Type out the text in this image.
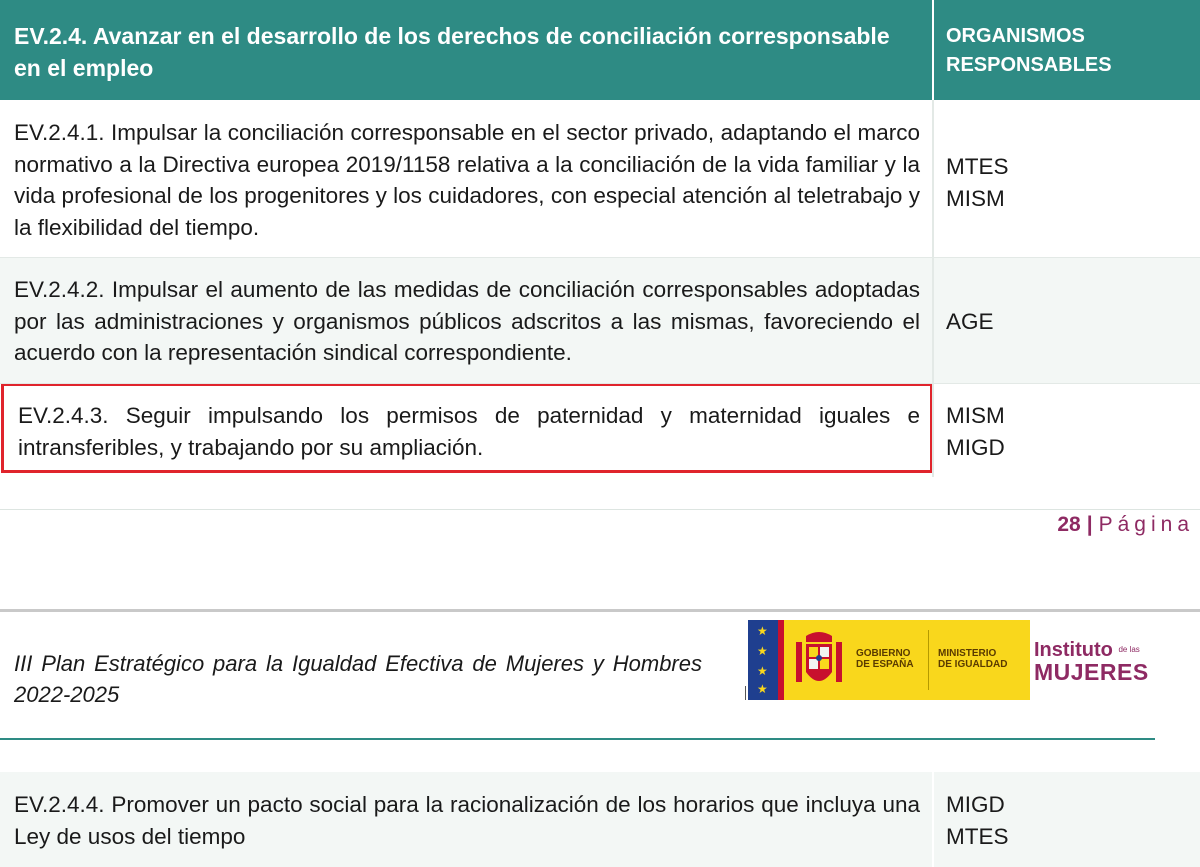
EV.2.4. Avanzar en el desarrollo de los derechos de conciliación corresponsable en el empleo
ORGANISMOS RESPONSABLES
EV.2.4.1. Impulsar la conciliación corresponsable en el sector privado, adaptando el marco normativo a la Directiva europea 2019/1158 relativa a la conciliación de la vida familiar y la vida profesional de los progenitores y los cuidadores, con especial atención al teletrabajo y la flexibilidad del tiempo.
MTES
MISM
EV.2.4.2. Impulsar el aumento de las medidas de conciliación corresponsables adoptadas por las administraciones y organismos públicos adscritos a las mismas, favoreciendo el acuerdo con la representación sindical correspondiente.
AGE
EV.2.4.3. Seguir impulsando los permisos de paternidad y maternidad iguales e intransferibles, y trabajando por su ampliación.
MISM
MIGD
28 | Página
III Plan Estratégico para la Igualdad Efectiva de Mujeres y Hombres 2022-2025
★
★
★
★
GOBIERNO
DE ESPAÑA
MINISTERIO
DE IGUALDAD
Instituto $^{de las}$
MUJERES
EV.2.4.4. Promover un pacto social para la racionalización de los horarios que incluya una Ley de usos del tiempo
MIGD
MTES
